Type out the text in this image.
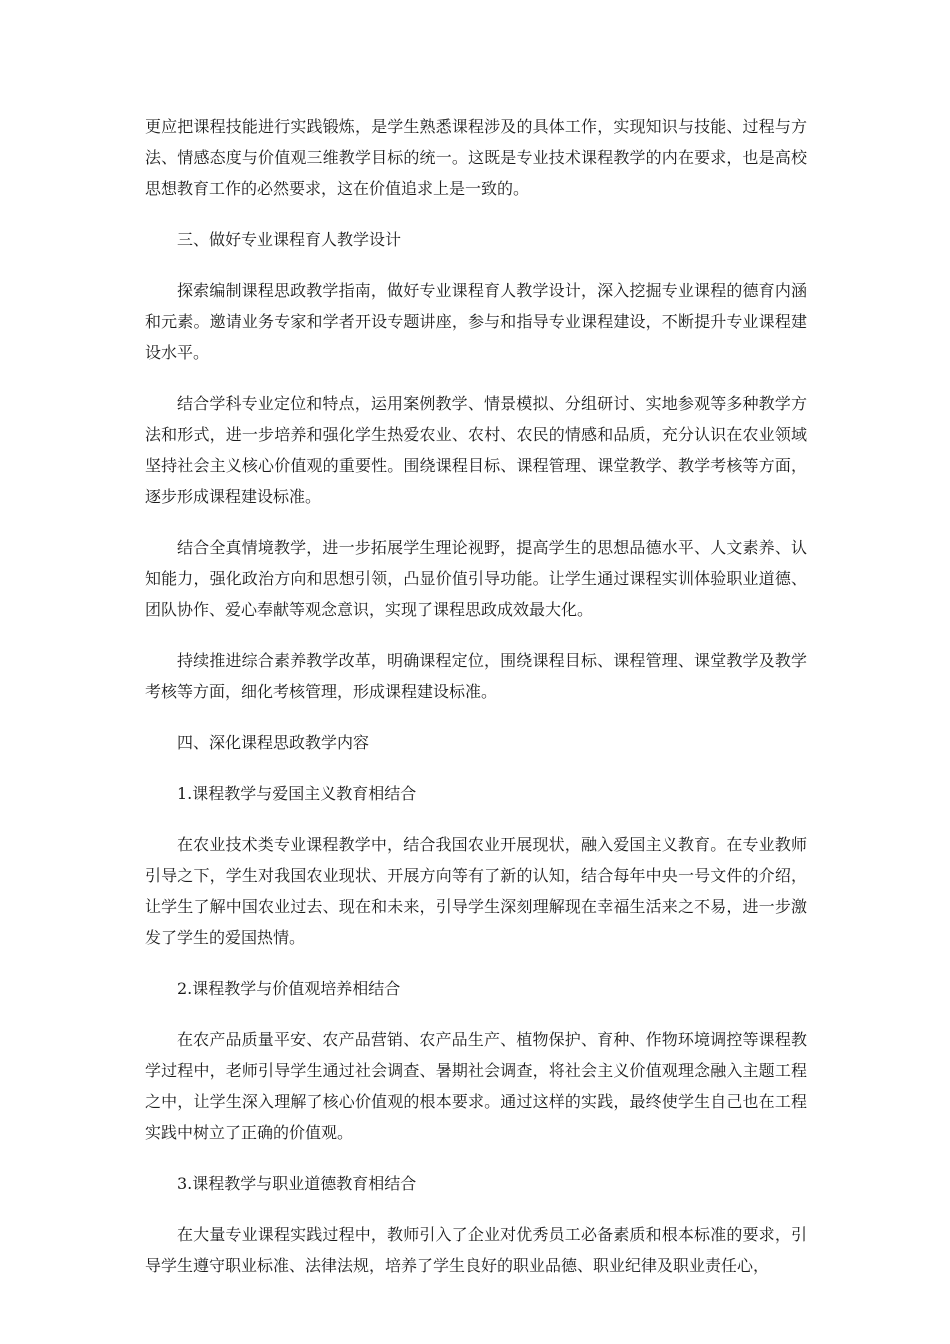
更应把课程技能进行实践锻炼，是学生熟悉课程涉及的具体工作，实现知识与技能、过程与方法、情感态度与价值观三维教学目标的统一。这既是专业技术课程教学的内在要求，也是高校思想教育工作的必然要求，这在价值追求上是一致的。

三、做好专业课程育人教学设计

探索编制课程思政教学指南，做好专业课程育人教学设计，深入挖掘专业课程的德育内涵和元素。邀请业务专家和学者开设专题讲座，参与和指导专业课程建设，不断提升专业课程建设水平。

结合学科专业定位和特点，运用案例教学、情景模拟、分组研讨、实地参观等多种教学方法和形式，进一步培养和强化学生热爱农业、农村、农民的情感和品质，充分认识在农业领域坚持社会主义核心价值观的重要性。围绕课程目标、课程管理、课堂教学、教学考核等方面，逐步形成课程建设标准。

结合全真情境教学，进一步拓展学生理论视野，提高学生的思想品德水平、人文素养、认知能力，强化政治方向和思想引领，凸显价值引导功能。让学生通过课程实训体验职业道德、团队协作、爱心奉献等观念意识，实现了课程思政成效最大化。

持续推进综合素养教学改革，明确课程定位，围绕课程目标、课程管理、课堂教学及教学考核等方面，细化考核管理，形成课程建设标准。

四、深化课程思政教学内容

1.课程教学与爱国主义教育相结合

在农业技术类专业课程教学中，结合我国农业开展现状，融入爱国主义教育。在专业教师引导之下，学生对我国农业现状、开展方向等有了新的认知，结合每年中央一号文件的介绍，让学生了解中国农业过去、现在和未来，引导学生深刻理解现在幸福生活来之不易，进一步激发了学生的爱国热情。

2.课程教学与价值观培养相结合

在农产品质量平安、农产品营销、农产品生产、植物保护、育种、作物环境调控等课程教学过程中，老师引导学生通过社会调查、暑期社会调查，将社会主义价值观理念融入主题工程之中，让学生深入理解了核心价值观的根本要求。通过这样的实践，最终使学生自己也在工程实践中树立了正确的价值观。

3.课程教学与职业道德教育相结合

在大量专业课程实践过程中，教师引入了企业对优秀员工必备素质和根本标准的要求，引导学生遵守职业标准、法律法规，培养了学生良好的职业品德、职业纪律及职业责任心，
